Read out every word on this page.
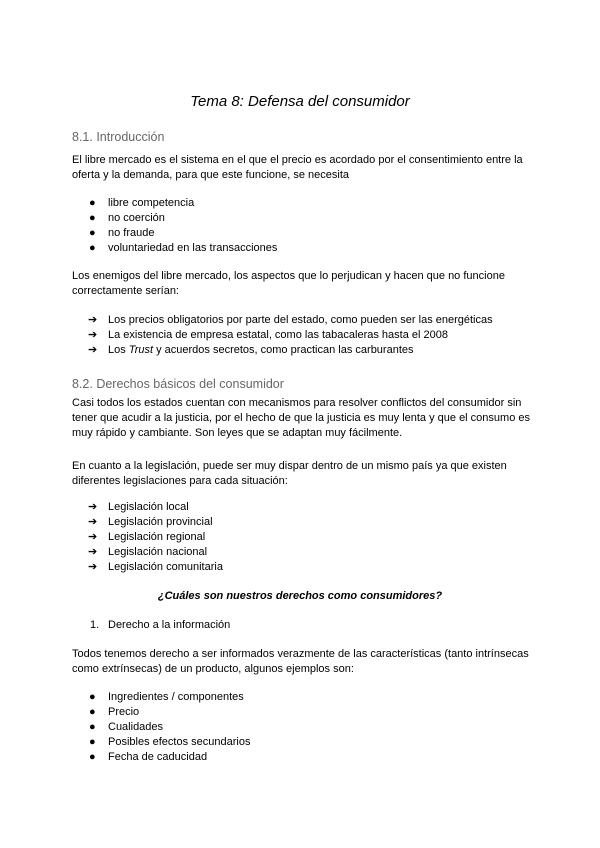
Tema 8: Defensa del consumidor
8.1. Introducción
El libre mercado es el sistema en el que el precio es acordado por el consentimiento entre la oferta y la demanda, para que este funcione, se necesita
●	libre competencia
●	no coerción
●	no fraude
●	voluntariedad en las transacciones
Los enemigos del libre mercado, los aspectos que lo perjudican y hacen que no funcione correctamente serían:
➔ Los precios obligatorios por parte del estado, como pueden ser las energéticas
➔ La existencia de empresa estatal, como las tabacaleras hasta el 2008
➔ Los Trust y acuerdos secretos, como practican las carburantes
8.2. Derechos básicos del consumidor
Casi todos los estados cuentan con mecanismos para resolver conflictos del consumidor sin tener que acudir a la justicia, por el hecho de que la justicia es muy lenta y que el consumo es muy rápido y cambiante. Son leyes que se adaptan muy fácilmente.
En cuanto a la legislación, puede ser muy dispar dentro de un mismo país ya que existen diferentes legislaciones para cada situación:
➔ Legislación local
➔ Legislación provincial
➔ Legislación regional
➔ Legislación nacional
➔ Legislación comunitaria
¿Cuáles son nuestros derechos como consumidores?
1. Derecho a la información
Todos tenemos derecho a ser informados verazmente de las características (tanto intrínsecas como extrínsecas) de un producto, algunos ejemplos son:
●	Ingredientes / componentes
●	Precio
●	Cualidades
●	Posibles efectos secundarios
●	Fecha de caducidad
